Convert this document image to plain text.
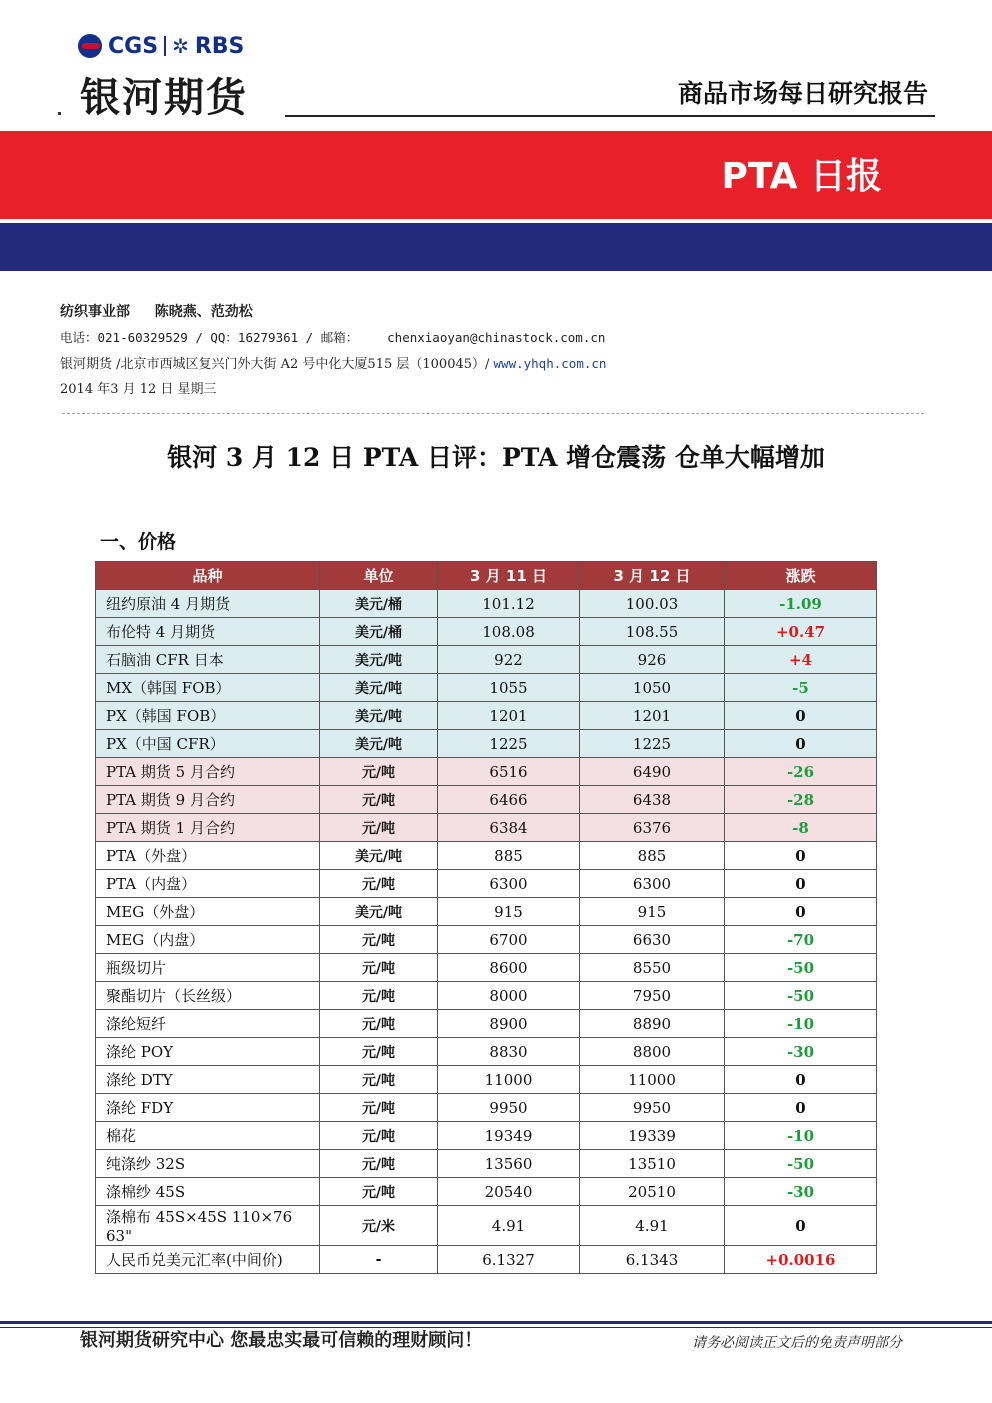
CGS ✲ RBS
银河期货	商品市场每日研究报告
PTA 日报
纺织事业部 陈晓燕、范劲松
电话：021-60329529 / QQ：16279361 / 邮箱： chenxiaoyan@chinastock.com.cn
银河期货 /北京市西城区复兴门外大街 A2 号中化大厦515 层（100045）/ www.yhqh.com.cn
2014 年3 月 12 日 星期三
银河 3 月 12 日 PTA 日评：PTA 增仓震荡 仓单大幅增加
一、价格
品种	单位	3 月 11 日	3 月 12 日	涨跌
纽约原油 4 月期货	美元/桶	101.12	100.03	-1.09
布伦特 4 月期货	美元/桶	108.08	108.55	+0.47
石脑油 CFR 日本	美元/吨	922	926	+4
MX（韩国 FOB）	美元/吨	1055	1050	-5
PX（韩国 FOB）	美元/吨	1201	1201	0
PX（中国 CFR）	美元/吨	1225	1225	0
PTA 期货 5 月合约	元/吨	6516	6490	-26
PTA 期货 9 月合约	元/吨	6466	6438	-28
PTA 期货 1 月合约	元/吨	6384	6376	-8
PTA（外盘）	美元/吨	885	885	0
PTA（内盘）	元/吨	6300	6300	0
MEG（外盘）	美元/吨	915	915	0
MEG（内盘）	元/吨	6700	6630	-70
瓶级切片	元/吨	8600	8550	-50
聚酯切片（长丝级）	元/吨	8000	7950	-50
涤纶短纤	元/吨	8900	8890	-10
涤纶 POY	元/吨	8830	8800	-30
涤纶 DTY	元/吨	11000	11000	0
涤纶 FDY	元/吨	9950	9950	0
棉花	元/吨	19349	19339	-10
纯涤纱 32S	元/吨	13560	13510	-50
涤棉纱 45S	元/吨	20540	20510	-30
涤棉布 45S×45S 110×76 63"	元/米	4.91	4.91	0
人民币兑美元汇率(中间价)	-	6.1327	6.1343	+0.0016
银河期货研究中心 您最忠实最可信赖的理财顾问！	请务必阅读正文后的免责声明部分
